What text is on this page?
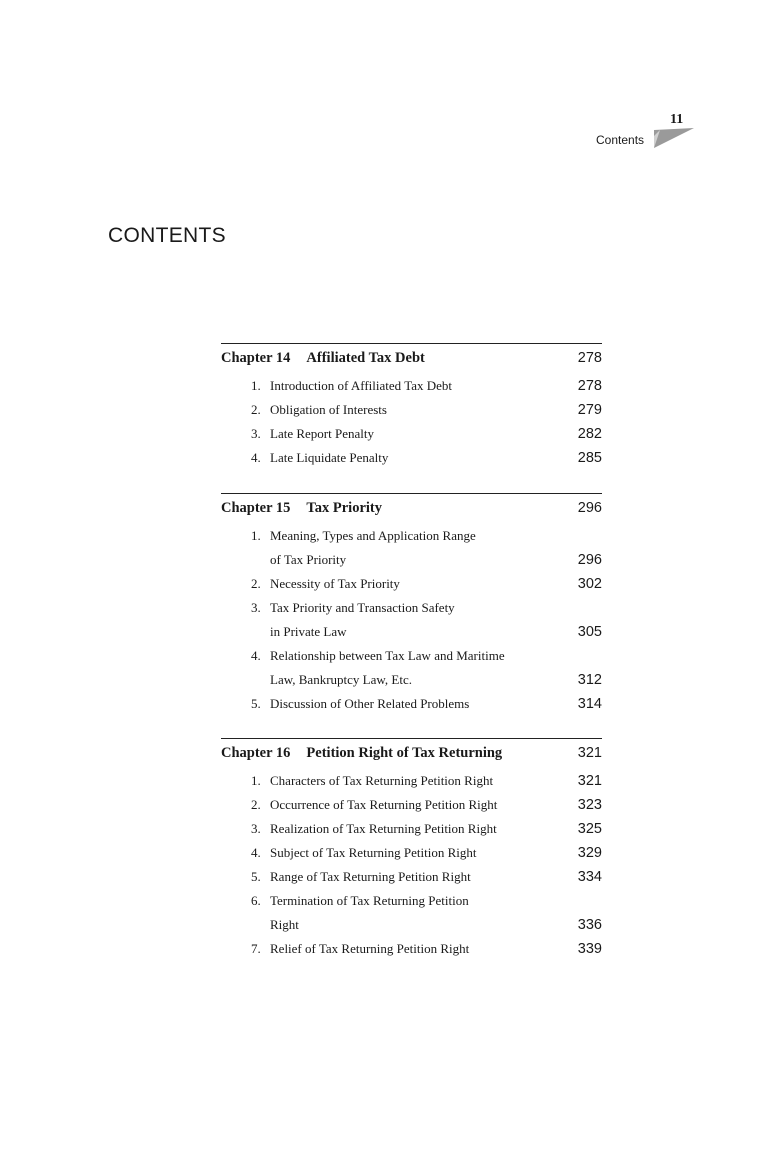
11
Contents
CONTENTS
Chapter 14 Affiliated Tax Debt	278
1. Introduction of Affiliated Tax Debt	278
2. Obligation of Interests	279
3. Late Report Penalty	282
4. Late Liquidate Penalty	285
Chapter 15 Tax Priority	296
1. Meaning, Types and Application Range
of Tax Priority	296
2. Necessity of Tax Priority	302
3. Tax Priority and Transaction Safety
in Private Law	305
4. Relationship between Tax Law and Maritime
Law, Bankruptcy Law, Etc.	312
5. Discussion of Other Related Problems	314
Chapter 16 Petition Right of Tax Returning	321
1. Characters of Tax Returning Petition Right	321
2. Occurrence of Tax Returning Petition Right	323
3. Realization of Tax Returning Petition Right	325
4. Subject of Tax Returning Petition Right	329
5. Range of Tax Returning Petition Right	334
6. Termination of Tax Returning Petition
Right	336
7. Relief of Tax Returning Petition Right	339
